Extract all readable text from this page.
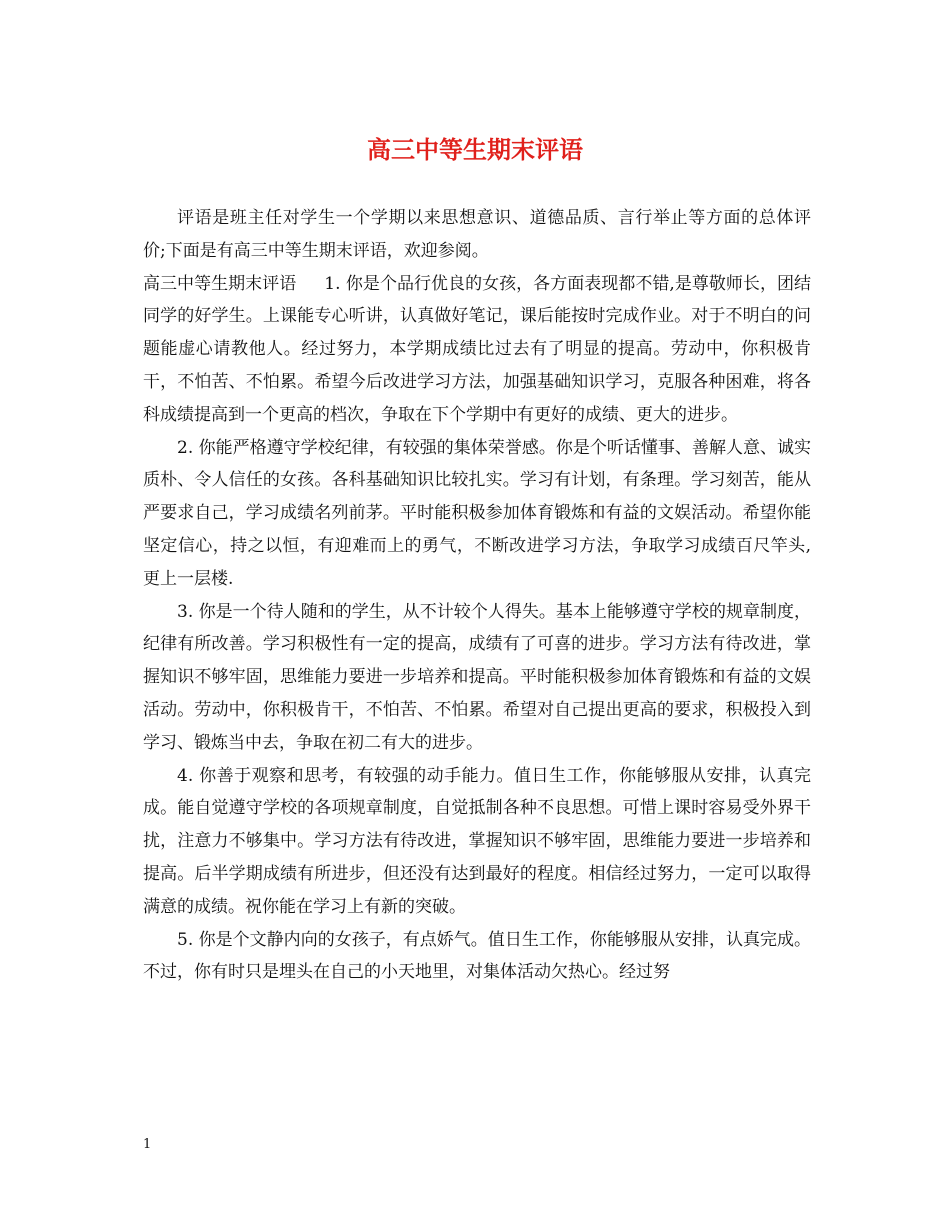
高三中等生期末评语

评语是班主任对学生一个学期以来思想意识、道德品质、言行举止等方面的总体评价;下面是有高三中等生期末评语，欢迎参阅。

高三中等生期末评语 1. 你是个品行优良的女孩，各方面表现都不错,是尊敬师长，团结同学的好学生。上课能专心听讲，认真做好笔记，课后能按时完成作业。对于不明白的问题能虚心请教他人。经过努力，本学期成绩比过去有了明显的提高。劳动中，你积极肯干，不怕苦、不怕累。希望今后改进学习方法，加强基础知识学习，克服各种困难，将各科成绩提高到一个更高的档次，争取在下个学期中有更好的成绩、更大的进步。

2. 你能严格遵守学校纪律，有较强的集体荣誉感。你是个听话懂事、善解人意、诚实质朴、令人信任的女孩。各科基础知识比较扎实。学习有计划，有条理。学习刻苦，能从严要求自己，学习成绩名列前茅。平时能积极参加体育锻炼和有益的文娱活动。希望你能坚定信心，持之以恒，有迎难而上的勇气，不断改进学习方法，争取学习成绩百尺竿头,更上一层楼.

3. 你是一个待人随和的学生，从不计较个人得失。基本上能够遵守学校的规章制度，纪律有所改善。学习积极性有一定的提高，成绩有了可喜的进步。学习方法有待改进，掌握知识不够牢固，思维能力要进一步培养和提高。平时能积极参加体育锻炼和有益的文娱活动。劳动中，你积极肯干，不怕苦、不怕累。希望对自己提出更高的要求，积极投入到学习、锻炼当中去，争取在初二有大的进步。

4. 你善于观察和思考，有较强的动手能力。值日生工作，你能够服从安排，认真完成。能自觉遵守学校的各项规章制度，自觉抵制各种不良思想。可惜上课时容易受外界干扰，注意力不够集中。学习方法有待改进，掌握知识不够牢固，思维能力要进一步培养和提高。后半学期成绩有所进步，但还没有达到最好的程度。相信经过努力，一定可以取得满意的成绩。祝你能在学习上有新的突破。

5. 你是个文静内向的女孩子，有点娇气。值日生工作，你能够服从安排，认真完成。不过，你有时只是埋头在自己的小天地里，对集体活动欠热心。经过努

1
